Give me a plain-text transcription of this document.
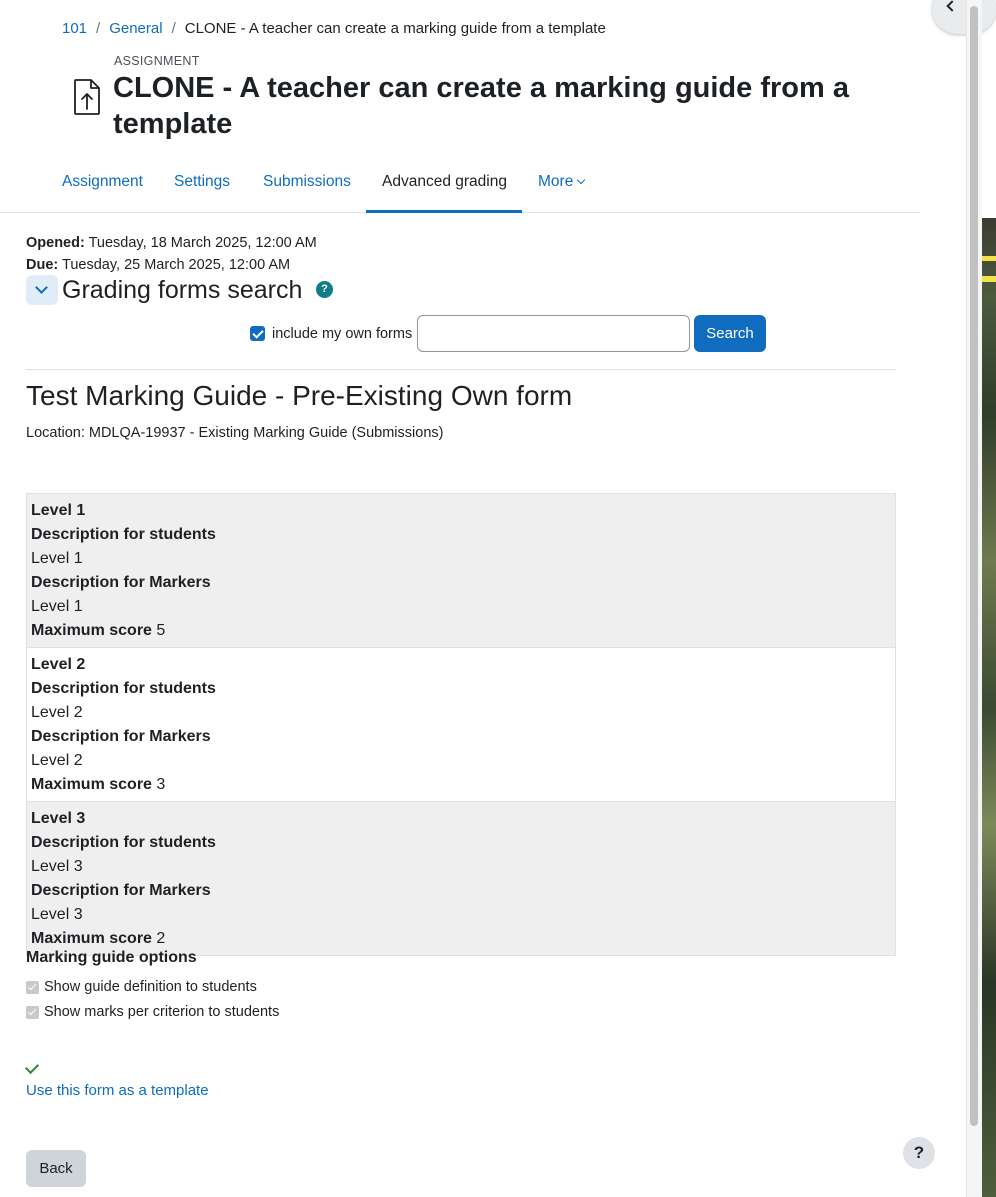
101 / General / CLONE - A teacher can create a marking guide from a template
ASSIGNMENT
CLONE - A teacher can create a marking guide from a template
Assignment	Settings	Submissions	Advanced grading	More
Opened: Tuesday, 18 March 2025, 12:00 AM
Due: Tuesday, 25 March 2025, 12:00 AM
Grading forms search	?
include my own forms	Search
Test Marking Guide - Pre-Existing Own form
Location: MDLQA-19937 - Existing Marking Guide (Submissions)
Level 1
Description for students
Level 1
Description for Markers
Level 1
Maximum score 5
Level 2
Description for students
Level 2
Description for Markers
Level 2
Maximum score 3
Level 3
Description for students
Level 3
Description for Markers
Level 3
Maximum score 2
Marking guide options
Show guide definition to students
Show marks per criterion to students
Use this form as a template
Back
?
